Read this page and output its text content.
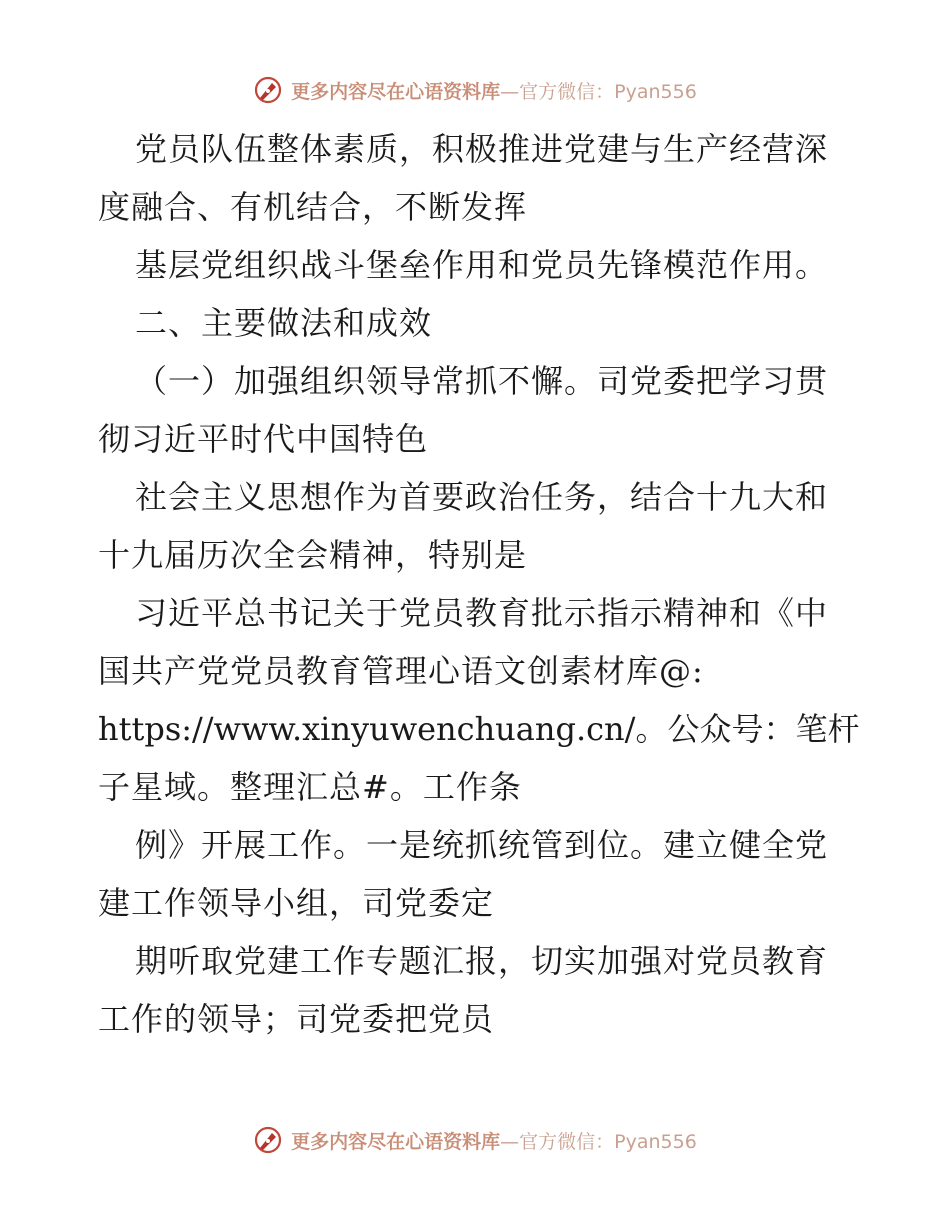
更多内容尽在心语资料库—官方微信：Pyan556
党员队伍整体素质，积极推进党建与生产经营深
度融合、有机结合，不断发挥
基层党组织战斗堡垒作用和党员先锋模范作用。
二、主要做法和成效
（一）加强组织领导常抓不懈。司党委把学习贯
彻习近平时代中国特色
社会主义思想作为首要政治任务，结合十九大和
十九届历次全会精神，特别是
习近平总书记关于党员教育批示指示精神和《中
国共产党党员教育管理心语文创素材库@:
https://www.xinyuwenchuang.cn/。公众号：笔杆
子星域。整理汇总#。工作条
例》开展工作。一是统抓统管到位。建立健全党
建工作领导小组，司党委定
期听取党建工作专题汇报，切实加强对党员教育
工作的领导；司党委把党员
更多内容尽在心语资料库—官方微信：Pyan556
